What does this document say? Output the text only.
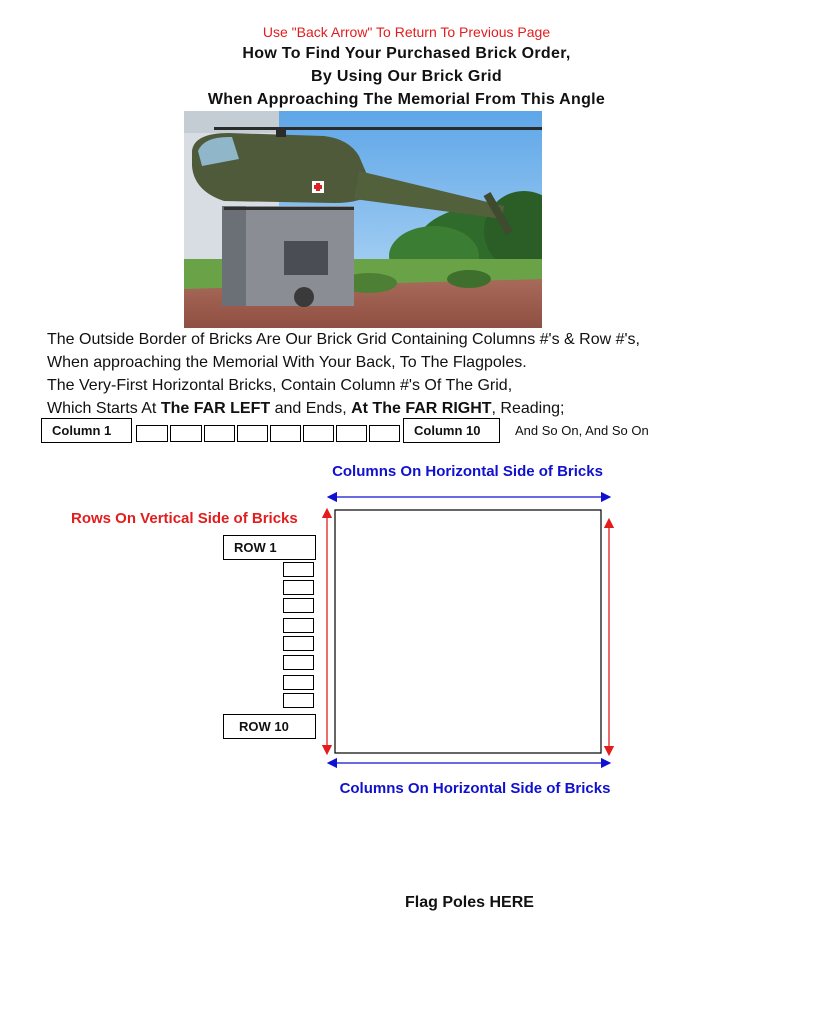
Use "Back Arrow" To Return To Previous Page
How To Find Your Purchased Brick Order,
By Using Our Brick Grid
When Approaching The Memorial From This Angle
The Outside Border of Bricks Are Our Brick Grid Containing Columns #'s & Row #'s,
When approaching the Memorial With Your Back, To The Flagpoles.
The Very-First Horizontal Bricks, Contain Column #'s Of The Grid,
Which Starts At The FAR LEFT and Ends, At The FAR RIGHT, Reading;
Column 1	Column 10	And So On, And So On
Columns On Horizontal Side of Bricks
Rows On Vertical Side of Bricks
Columns On Horizontal Side of Bricks
ROW 1
ROW 10
Flag Poles HERE
